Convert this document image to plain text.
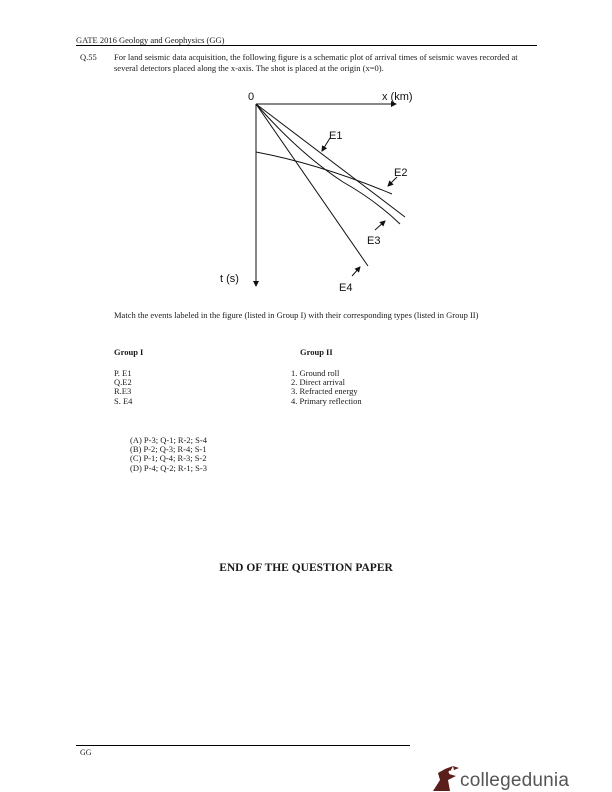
GATE 2016 Geology and Geophysics (GG)
Q.55 For land seismic data acquisition, the following figure is a schematic plot of arrival times of seismic waves recorded at several detectors placed along the x-axis. The shot is placed at the origin (x=0).
0	x (km)
t (s)
E1
E2
E3
E4
Match the events labeled in the figure (listed in Group I) with their corresponding types (listed in Group II)
Group I	Group II
P. E1
Q.E2
R.E3
S. E4
1. Ground roll
2. Direct arrival
3. Refracted energy
4. Primary reflection
(A) P-3; Q-1; R-2; S-4
(B) P-2; Q-3; R-4; S-1
(C) P-1; Q-4; R-3; S-2
(D) P-4; Q-2; R-1; S-3
END OF THE QUESTION PAPER
GG
collegedunia
